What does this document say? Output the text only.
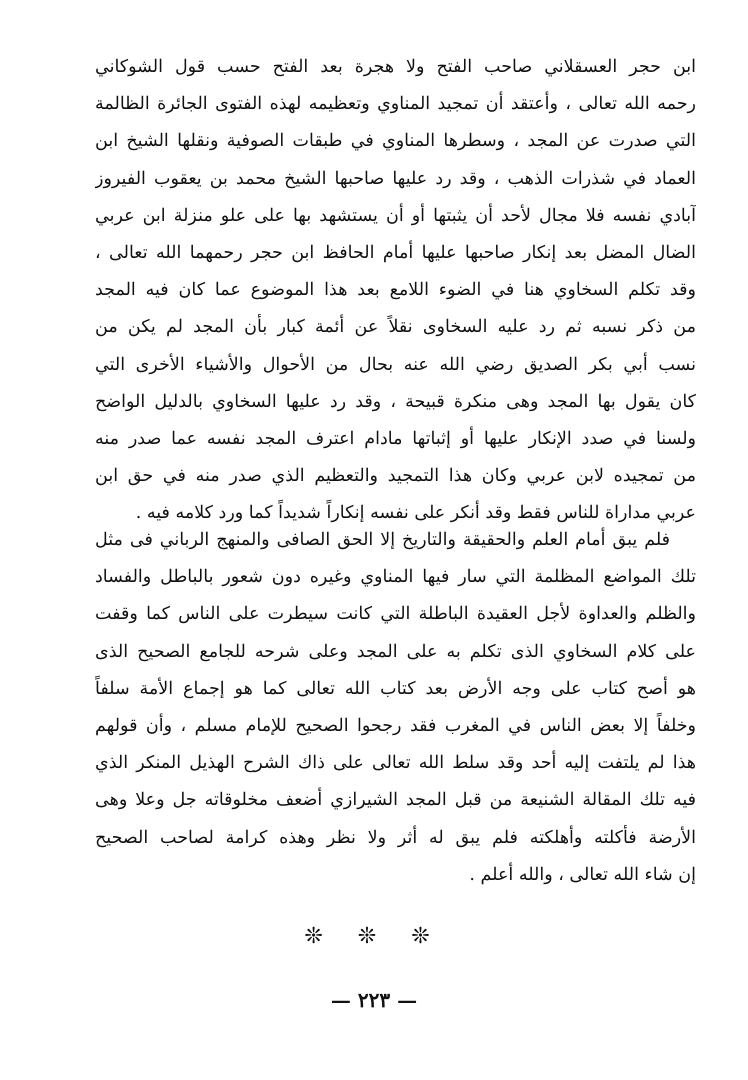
ابن حجر العسقلاني صاحب الفتح ولا هجرة بعد الفتح حسب قول الشوكاني
رحمه الله تعالى ، وأعتقد أن تمجيد المناوي وتعظيمه لهذه الفتوى الجائرة الظالمة
التي صدرت عن المجد ، وسطرها المناوي في طبقات الصوفية ونقلها الشيخ ابن
العماد في شذرات الذهب ، وقد رد عليها صاحبها الشيخ محمد بن يعقوب الفيروز
آبادي نفسه فلا مجال لأحد أن يثبتها أو أن يستشهد بها على علو منزلة ابن عربي
الضال المضل بعد إنكار صاحبها عليها أمام الحافظ ابن حجر رحمهما الله تعالى ،
وقد تكلم السخاوي هنا في الضوء اللامع بعد هذا الموضوع عما كان فيه المجد
من ذكر نسبه ثم رد عليه السخاوى نقلاً عن أئمة كبار بأن المجد لم يكن من
نسب أبي بكر الصديق رضي الله عنه بحال من الأحوال والأشياء الأخرى التي
كان يقول بها المجد وهى منكرة قبيحة ، وقد رد عليها السخاوي بالدليل الواضح
ولسنا في صدد الإنكار عليها أو إثباتها مادام اعترف المجد نفسه عما صدر منه
من تمجيده لابن عربي وكان هذا التمجيد والتعظيم الذي صدر منه في حق ابن
عربي مداراة للناس فقط وقد أنكر على نفسه إنكاراً شديداً كما ورد كلامه فيه .
فلم يبق أمام العلم والحقيقة والتاريخ إلا الحق الصافى والمنهج الرباني فى مثل
تلك المواضع المظلمة التي سار فيها المناوي وغيره دون شعور بالباطل والفساد
والظلم والعداوة لأجل العقيدة الباطلة التي كانت سيطرت على الناس كما وقفت
على كلام السخاوي الذى تكلم به على المجد وعلى شرحه للجامع الصحيح الذى
هو أصح كتاب على وجه الأرض بعد كتاب الله تعالى كما هو إجماع الأمة سلفاً
وخلفاً إلا بعض الناس في المغرب فقد رجحوا الصحيح للإمام مسلم ، وأن قولهم
هذا لم يلتفت إليه أحد وقد سلط الله تعالى على ذاك الشرح الهذيل المنكر الذي
فيه تلك المقالة الشنيعة من قبل المجد الشيرازي أضعف مخلوقاته جل وعلا وهى
الأرضة فأكلته وأهلكته فلم يبق له أثر ولا نظر وهذه كرامة لصاحب الصحيح
إن شاء الله تعالى ، والله أعلم .
❊ ❊ ❊
— ٢٢٣ —
